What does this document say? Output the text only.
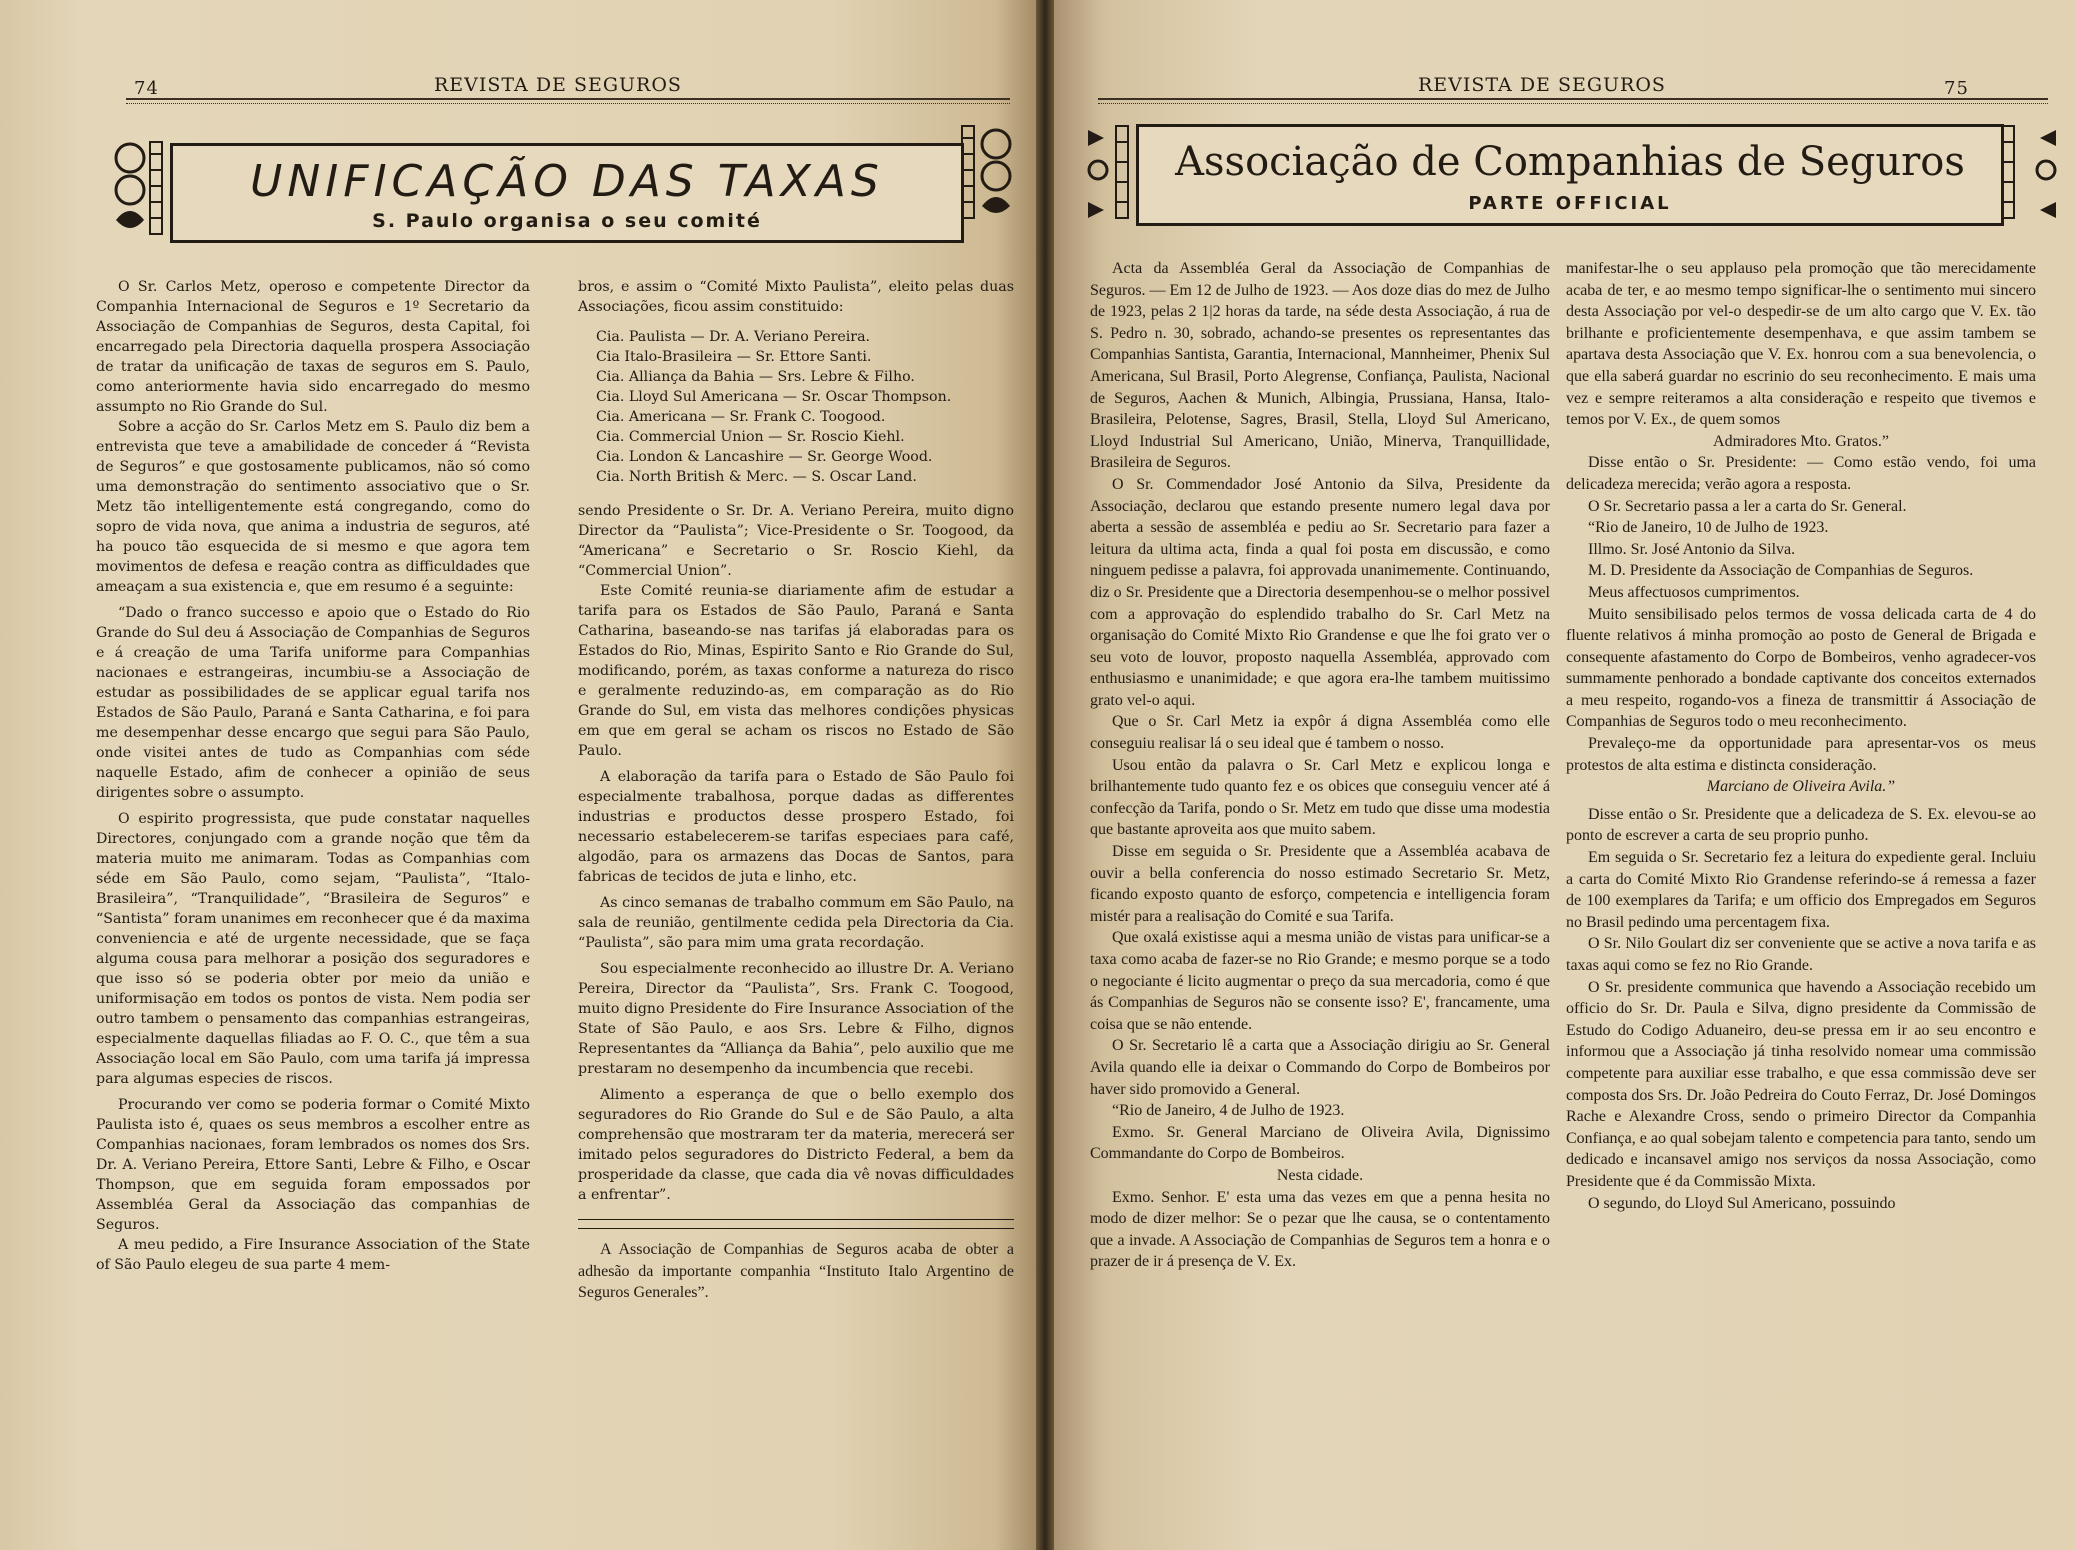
74	REVISTA DE SEGUROS
UNIFICAÇÃO DAS TAXAS
S. Paulo organisa o seu comité

O Sr. Carlos Metz, operoso e competente Director da Companhia Internacional de Seguros e 1º Secretario da Associação de Companhias de Seguros, desta Capital, foi encarregado pela Directoria daquella prospera Associação de tratar da unificação de taxas de seguros em S. Paulo, como anteriormente havia sido encarregado do mesmo assumpto no Rio Grande do Sul.

Sobre a acção do Sr. Carlos Metz em S. Paulo diz bem a entrevista que teve a amabilidade de conceder á “Revista de Seguros” e que gostosamente publicamos, não só como uma demonstração do sentimento associativo que o Sr. Metz tão intelligentemente está congregando, como do sopro de vida nova, que anima a industria de seguros, até ha pouco tão esquecida de si mesmo e que agora tem movimentos de defesa e reação contra as difficuldades que ameaçam a sua existencia e, que em resumo é a seguinte:

“Dado o franco successo e apoio que o Estado do Rio Grande do Sul deu á Associação de Companhias de Seguros e á creação de uma Tarifa uniforme para Companhias nacionaes e estrangeiras, incumbiu-se a Associação de estudar as possibilidades de se applicar egual tarifa nos Estados de São Paulo, Paraná e Santa Catharina, e foi para me desempenhar desse encargo que segui para São Paulo, onde visitei antes de tudo as Companhias com séde naquelle Estado, afim de conhecer a opinião de seus dirigentes sobre o assumpto.

O espirito progressista, que pude constatar naquelles Directores, conjungado com a grande noção que têm da materia muito me animaram. Todas as Companhias com séde em São Paulo, como sejam, “Paulista”, “Italo-Brasileira”, “Tranquilidade”, “Brasileira de Seguros” e “Santista” foram unanimes em reconhecer que é da maxima conveniencia e até de urgente necessidade, que se faça alguma cousa para melhorar a posição dos seguradores e que isso só se poderia obter por meio da união e uniformisação em todos os pontos de vista. Nem podia ser outro tambem o pensamento das companhias estrangeiras, especialmente daquellas filiadas ao F. O. C., que têm a sua Associação local em São Paulo, com uma tarifa já impressa para algumas especies de riscos.

Procurando ver como se poderia formar o Comité Mixto Paulista isto é, quaes os seus membros a escolher entre as Companhias nacionaes, foram lembrados os nomes dos Srs. Dr. A. Veriano Pereira, Ettore Santi, Lebre & Filho, e Oscar Thompson, que em seguida foram empossados por Assembléa Geral da Associação das companhias de Seguros.

A meu pedido, a Fire Insurance Association of the State of São Paulo elegeu de sua parte 4 mem-

bros, e assim o “Comité Mixto Paulista”, eleito pelas duas Associações, ficou assim constituido:

Cia. Paulista — Dr. A. Veriano Pereira.
Cia Italo-Brasileira — Sr. Ettore Santi.
Cia. Alliança da Bahia — Srs. Lebre & Filho.
Cia. Lloyd Sul Americana — Sr. Oscar Thompson.
Cia. Americana — Sr. Frank C. Toogood.
Cia. Commercial Union — Sr. Roscio Kiehl.
Cia. London & Lancashire — Sr. George Wood.
Cia. North British & Merc. — S. Oscar Land.

sendo Presidente o Sr. Dr. A. Veriano Pereira, muito digno Director da “Paulista”; Vice-Presidente o Sr. Toogood, da “Americana” e Secretario o Sr. Roscio Kiehl, da “Commercial Union”.

Este Comité reunia-se diariamente afim de estudar a tarifa para os Estados de São Paulo, Paraná e Santa Catharina, baseando-se nas tarifas já elaboradas para os Estados do Rio, Minas, Espirito Santo e Rio Grande do Sul, modificando, porém, as taxas conforme a natureza do risco e geralmente reduzindo-as, em comparação as do Rio Grande do Sul, em vista das melhores condições physicas em que em geral se acham os riscos no Estado de São Paulo.

A elaboração da tarifa para o Estado de São Paulo foi especialmente trabalhosa, porque dadas as differentes industrias e productos desse prospero Estado, foi necessario estabelecerem-se tarifas especiaes para café, algodão, para os armazens das Docas de Santos, para fabricas de tecidos de juta e linho, etc.

As cinco semanas de trabalho commum em São Paulo, na sala de reunião, gentilmente cedida pela Directoria da Cia. “Paulista”, são para mim uma grata recordação.

Sou especialmente reconhecido ao illustre Dr. A. Veriano Pereira, Director da “Paulista”, Srs. Frank C. Toogood, muito digno Presidente do Fire Insurance Association of the State of São Paulo, e aos Srs. Lebre & Filho, dignos Representantes da “Alliança da Bahia”, pelo auxilio que me prestaram no desempenho da incumbencia que recebi.

Alimento a esperança de que o bello exemplo dos seguradores do Rio Grande do Sul e de São Paulo, a alta comprehensão que mostraram ter da materia, merecerá ser imitado pelos seguradores do Districto Federal, a bem da prosperidade da classe, que cada dia vê novas difficuldades a enfrentar”.

A Associação de Companhias de Seguros acaba de obter a adhesão da importante companhia “Instituto Italo Argentino de Seguros Generales”.

REVISTA DE SEGUROS	75
Associação de Companhias de Seguros
PARTE OFFICIAL

Acta da Assembléa Geral da Associação de Companhias de Seguros. — Em 12 de Julho de 1923. — Aos doze dias do mez de Julho de 1923, pelas 2 1|2 horas da tarde, na séde desta Associação, á rua de S. Pedro n. 30, sobrado, achando-se presentes os representantes das Companhias Santista, Garantia, Internacional, Mannheimer, Phenix Sul Americana, Sul Brasil, Porto Alegrense, Confiança, Paulista, Nacional de Seguros, Aachen & Munich, Albingia, Prussiana, Hansa, Italo-Brasileira, Pelotense, Sagres, Brasil, Stella, Lloyd Sul Americano, Lloyd Industrial Sul Americano, União, Minerva, Tranquillidade, Brasileira de Seguros.

O Sr. Commendador José Antonio da Silva, Presidente da Associação, declarou que estando presente numero legal dava por aberta a sessão de assembléa e pediu ao Sr. Secretario para fazer a leitura da ultima acta, finda a qual foi posta em discussão, e como ninguem pedisse a palavra, foi approvada unanimemente. Continuando, diz o Sr. Presidente que a Directoria desempenhou-se o melhor possivel com a approvação do esplendido trabalho do Sr. Carl Metz na organisação do Comité Mixto Rio Grandense e que lhe foi grato ver o seu voto de louvor, proposto naquella Assembléa, approvado com enthusiasmo e unanimidade; e que agora era-lhe tambem muitissimo grato vel-o aqui.

Que o Sr. Carl Metz ia expôr á digna Assembléa como elle conseguiu realisar lá o seu ideal que é tambem o nosso.

Usou então da palavra o Sr. Carl Metz e explicou longa e brilhantemente tudo quanto fez e os obices que conseguiu vencer até á confecção da Tarifa, pondo o Sr. Metz em tudo que disse uma modestia que bastante aproveita aos que muito sabem.

Disse em seguida o Sr. Presidente que a Assembléa acabava de ouvir a bella conferencia do nosso estimado Secretario Sr. Metz, ficando exposto quanto de esforço, competencia e intelligencia foram mistér para a realisação do Comité e sua Tarifa.

Que oxalá existisse aqui a mesma união de vistas para unificar-se a taxa como acaba de fazer-se no Rio Grande; e mesmo porque se a todo o negociante é licito augmentar o preço da sua mercadoria, como é que ás Companhias de Seguros não se consente isso? E', francamente, uma coisa que se não entende.

O Sr. Secretario lê a carta que a Associação dirigiu ao Sr. General Avila quando elle ia deixar o Commando do Corpo de Bombeiros por haver sido promovido a General.

“Rio de Janeiro, 4 de Julho de 1923.

Exmo. Sr. General Marciano de Oliveira Avila, Dignissimo Commandante do Corpo de Bombeiros.

Nesta cidade.

Exmo. Senhor. E' esta uma das vezes em que a penna hesita no modo de dizer melhor: Se o pezar que lhe causa, se o contentamento que a invade. A Associação de Companhias de Seguros tem a honra e o prazer de ir á presença de V. Ex.

manifestar-lhe o seu applauso pela promoção que tão merecidamente acaba de ter, e ao mesmo tempo significar-lhe o sentimento mui sincero desta Associação por vel-o despedir-se de um alto cargo que V. Ex. tão brilhante e proficientemente desempenhava, e que assim tambem se apartava desta Associação que V. Ex. honrou com a sua benevolencia, o que ella saberá guardar no escrinio do seu reconhecimento. E mais uma vez e sempre reiteramos a alta consideração e respeito que tivemos e temos por V. Ex., de quem somos

Admiradores Mto. Gratos.”

Disse então o Sr. Presidente: — Como estão vendo, foi uma delicadeza merecida; verão agora a resposta.

O Sr. Secretario passa a ler a carta do Sr. General.

“Rio de Janeiro, 10 de Julho de 1923.

Illmo. Sr. José Antonio da Silva.

M. D. Presidente da Associação de Companhias de Seguros.

Meus affectuosos cumprimentos.

Muito sensibilisado pelos termos de vossa delicada carta de 4 do fluente relativos á minha promoção ao posto de General de Brigada e consequente afastamento do Corpo de Bombeiros, venho agradecer-vos summamente penhorado a bondade captivante dos conceitos externados a meu respeito, rogando-vos a fineza de transmittir á Associação de Companhias de Seguros todo o meu reconhecimento.

Prevaleço-me da opportunidade para apresentar-vos os meus protestos de alta estima e distincta consideração.

Marciano de Oliveira Avila.”

Disse então o Sr. Presidente que a delicadeza de S. Ex. elevou-se ao ponto de escrever a carta de seu proprio punho.

Em seguida o Sr. Secretario fez a leitura do expediente geral. Incluiu a carta do Comité Mixto Rio Grandense referindo-se á remessa a fazer de 100 exemplares da Tarifa; e um officio dos Empregados em Seguros no Brasil pedindo uma percentagem fixa.

O Sr. Nilo Goulart diz ser conveniente que se active a nova tarifa e as taxas aqui como se fez no Rio Grande.

O Sr. presidente communica que havendo a Associação recebido um officio do Sr. Dr. Paula e Silva, digno presidente da Commissão de Estudo do Codigo Aduaneiro, deu-se pressa em ir ao seu encontro e informou que a Associação já tinha resolvido nomear uma commissão competente para auxiliar esse trabalho, e que essa commissão deve ser composta dos Srs. Dr. João Pedreira do Couto Ferraz, Dr. José Domingos Rache e Alexandre Cross, sendo o primeiro Director da Companhia Confiança, e ao qual sobejam talento e competencia para tanto, sendo um dedicado e incansavel amigo nos serviços da nossa Associação, como Presidente que é da Commissão Mixta.

O segundo, do Lloyd Sul Americano, possuindo
